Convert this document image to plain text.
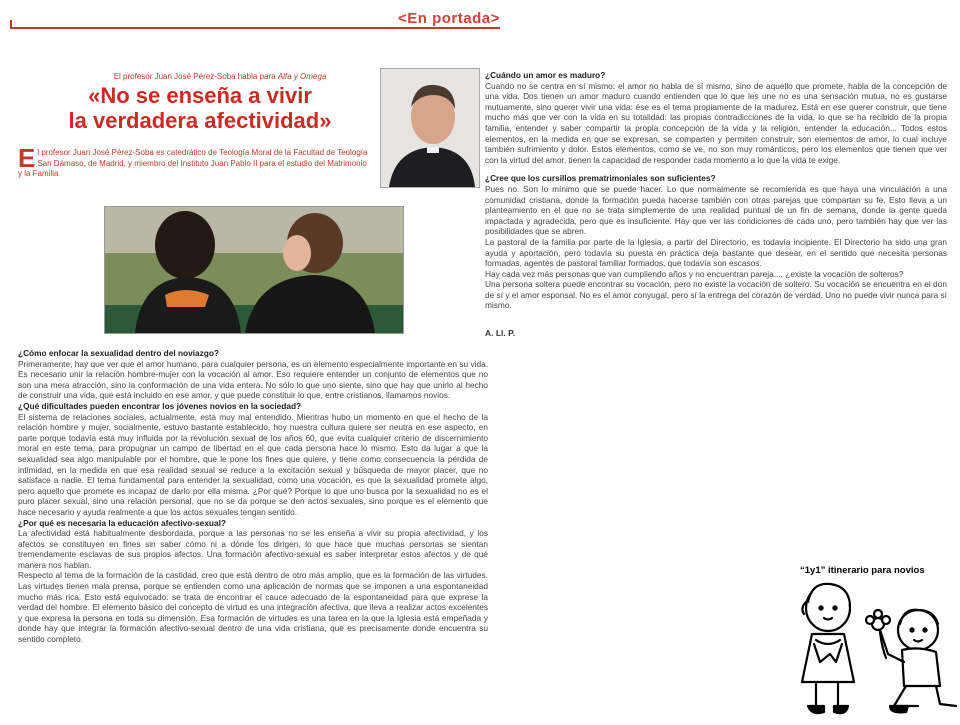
<En portada>
El profesor Juan José Pérez-Soba habla para Alfa y Omega
«No se enseña a vivir
la verdadera afectividad»
El profesor Juan José Pérez-Soba es catedrático de Teología Moral de la Facultad de Teología San Dámaso, de Madrid, y miembro del Instituto Juan Pablo II para el estudio del Matrimonio y la Familia

¿Cómo enfocar la sexualidad dentro del noviazgo?
Primeramente, hay que ver que el amor humano, para cualquier persona, es un elemento especialmente importante en su vida. Es necesario unir la relación hombre-mujer con la vocación al amor. Eso requiere entender un conjunto de elementos que no son una mera atracción, sino la conformación de una vida entera. No sólo lo que uno siente, sino que hay que unirlo al hecho de construir una vida, que está incluido en ese amor, y que puede constituir lo que, entre cristianos, llamamos novios.

¿Qué dificultades pueden encontrar los jóvenes novios en la sociedad?
El sistema de relaciones sociales, actualmente, está muy mal entendido. Mientras hubo un momento en que el hecho de la relación hombre y mujer, socialmente, estuvo bastante establecido, hoy nuestra cultura quiere ser neutra en ese aspecto, en parte porque todavía está muy influida por la revolución sexual de los años 60, que evita cualquier criterio de discernimiento moral en este tema, para propugnar un campo de libertad en el que cada persona hace lo mismo. Esto da lugar a que la sexualidad sea algo manipulable por el hombre, que le pone los fines que quiere, y tiene como consecuencia la pérdida de intimidad, en la medida en que esa realidad sexual se reduce a la excitación sexual y búsqueda de mayor placer, que no satisface a nadie. El tema fundamental para entender la sexualidad, como una vocación, es que la sexualidad promete algo, pero aquello que promete es incapaz de darlo por ella misma. ¿Por qué? Porque lo que uno busca por la sexualidad no es el puro placer sexual, sino una relación personal, que no se da porque se den actos sexuales, sino porque es el elemento que hace necesario y ayuda realmente a que los actos sexuales tengan sentido.

¿Por qué es necesaria la educación afectivo-sexual?
La afectividad está habitualmente desbordada, porque a las personas no se les enseña a vivir su propia afectividad, y los afectos se constituyen en fines sin saber cómo ni a dónde los dirigen, lo que hace que muchas personas se sientan tremendamente esclavas de sus propios afectos. Una formación afectivo-sexual es saber interpretar estos afectos y de qué manera nos hablan.

Respecto al tema de la formación de la castidad, creo que está dentro de otro más amplio, que es la formación de las virtudes. Las virtudes tienen mala prensa, porque se entienden como una aplicación de normas que se imponen a una espontaneidad mucho más rica. Esto está equivocado: se trata de encontrar el cauce adecuado de la espontaneidad para que exprese la verdad del hombre. El elemento básico del concepto de virtud es una integración afectiva, que lleva a realizar actos excelentes y que expresa la persona en toda su dimensión. Esa formación de virtudes es una tarea en la que la Iglesia está empeñada y donde hay que integrar la formación afectivo-sexual dentro de una vida cristiana, que es precisamente donde encuentra su sentido completo.

¿Cuándo un amor es maduro?
Cuando no se centra en sí mismo: el amor no habla de sí mismo, sino de aquello que promete, habla de la concepción de una vida. Dos tienen un amor maduro cuando entienden que lo que les une no es una sensación mutua, no es gustarse mutuamente, sino querer vivir una vida: ése es el tema propiamente de la madurez. Está en ese querer construir, que tiene mucho más que ver con la vida en su totalidad: las propias contradicciones de la vida, lo que se ha recibido de la propia familia, entender y saber compartir la propia concepción de la vida y la religión, entender la educación... Todos estos elementos, en la medida en que se expresan, se comparten y permiten construir, son elementos de amor, lo cual incluye también sufrimiento y dolor. Estos elementos, como se ve, no son muy románticos, pero los elementos que tienen que ver con la virtud del amor, tienen la capacidad de responder cada momento a lo que la vida te exige.

¿Cree que los cursillos prematrimoniales son suficientes?
Pues no. Son lo mínimo que se puede hacer. Lo que normalmente se recomienda es que haya una vinculación a una comunidad cristiana, donde la formación pueda hacerse también con otras parejas que compartan su fe. Esto lleva a un planteamiento en el que no se trata simplemente de una realidad puntual de un fin de semana, donde la gente queda impactada y agradecida, pero que es insuficiente. Hay que ver las condiciones de cada uno, pero también hay que ver las posibilidades que se abren.

La pastoral de la familia por parte de la Iglesia, a partir del Directorio, es todavía incipiente. El Directorio ha sido una gran ayuda y aportación, pero todavía su puesta en práctica deja bastante que desear, en el sentido que necesita personas formadas, agentes de pastoral familiar formados, que todavía son escasos.

Hay cada vez más personas que van cumpliendo años y no encuentran pareja..., ¿existe la vocación de solteros?

Una persona soltera puede encontrar su vocación, pero no existe la vocación de soltero. Su vocación se encuentra en el don de sí y el amor esponsal. No es el amor conyugal, pero sí la entrega del corazón de verdad. Uno no puede vivir nunca para sí mismo.

A. Ll. P.
“1y1” itinerario para novios
